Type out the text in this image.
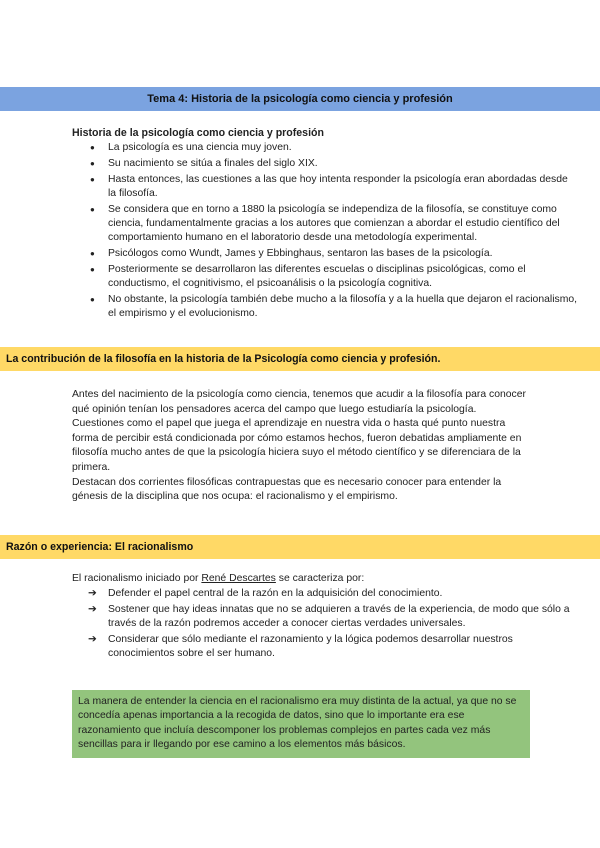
Tema 4: Historia de la psicología como ciencia y profesión
Historia de la psicología como ciencia y profesión
● La psicología es una ciencia muy joven.
● Su nacimiento se sitúa a finales del siglo XIX.
● Hasta entonces, las cuestiones a las que hoy intenta responder la psicología eran abordadas desde la filosofía.
● Se considera que en torno a 1880 la psicología se independiza de la filosofía, se constituye como ciencia, fundamentalmente gracias a los autores que comienzan a abordar el estudio científico del comportamiento humano en el laboratorio desde una metodología experimental.
● Psicólogos como Wundt, James y Ebbinghaus, sentaron las bases de la psicología.
● Posteriormente se desarrollaron las diferentes escuelas o disciplinas psicológicas, como el conductismo, el cognitivismo, el psicoanálisis o la psicología cognitiva.
● No obstante, la psicología también debe mucho a la filosofía y a la huella que dejaron el racionalismo, el empirismo y el evolucionismo.
La contribución de la filosofía en la historia de la Psicología como ciencia y profesión.

Antes del nacimiento de la psicología como ciencia, tenemos que acudir a la filosofía para conocer qué opinión tenían los pensadores acerca del campo que luego estudiaría la psicología.

Cuestiones como el papel que juega el aprendizaje en nuestra vida o hasta qué punto nuestra forma de percibir está condicionada por cómo estamos hechos, fueron debatidas ampliamente en filosofía mucho antes de que la psicología hiciera suyo el método científico y se diferenciara de la primera.

Destacan dos corrientes filosóficas contrapuestas que es necesario conocer para entender la génesis de la disciplina que nos ocupa: el racionalismo y el empirismo.

Razón o experiencia: El racionalismo
El racionalismo iniciado por René Descartes se caracteriza por:
➔ Defender el papel central de la razón en la adquisición del conocimiento.
➔ Sostener que hay ideas innatas que no se adquieren a través de la experiencia, de modo que sólo a través de la razón podremos acceder a conocer ciertas verdades universales.
➔ Considerar que sólo mediante el razonamiento y la lógica podemos desarrollar nuestros conocimientos sobre el ser humano.
La manera de entender la ciencia en el racionalismo era muy distinta de la actual, ya que no se concedía apenas importancia a la recogida de datos, sino que lo importante era ese razonamiento que incluía descomponer los problemas complejos en partes cada vez más sencillas para ir llegando por ese camino a los elementos más básicos.
